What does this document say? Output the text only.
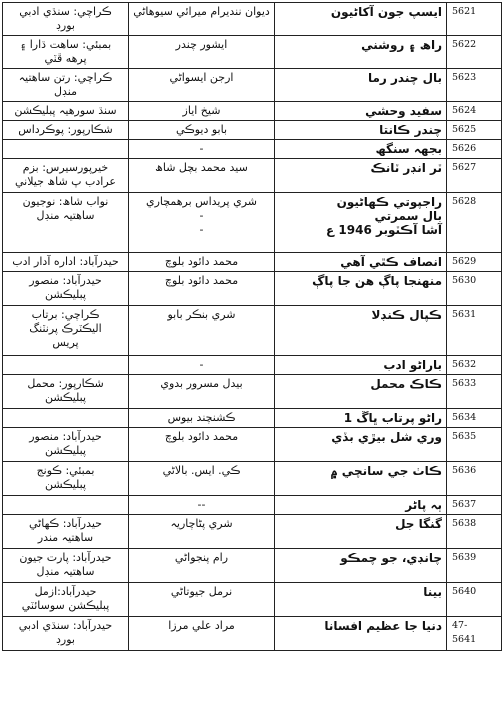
ڪراچي: سنڌي ادبي
بورڊ	ديوان ننديرام ميرائي سيوهاڻي	ايسپ جون آکاڻيون	5621

بمبئي: ساهت ڌارا ۽
پرهه ڦٽي	ايشور چندر	راھ ۽ روشني	5622

ڪراچي: رتن ساهتيہ
منڊل	ارجن ايسواڻي	بال چندر رما	5623

سنڌ سورهيہ پبليڪشن	شيخ اياز	سفيد وحشي	5624

شڪارپور: پوڪرداس	بابو ديوڪي	چندر ڪانتا	5625

	-	بجهہ سنگھ	5626

خيرپورسيرس: بزم
عرادب پ شاھ جيلاني	سيد محمد بچل شاھ	ٽر انڊر ٽانڪ	5627

نواب شاھ: نوجيون
ساهتيہ منڊل	شري پريداس برهمچاري
-
-	راجپوتي ڪهاڻيون
بال سمرتي
آشا آڪٽوبر 1946 ع	5628

حيدرآباد: اداره آدار ادب	محمد دائود بلوچ	انصاف ڪٿي آهي	5629

حيدرآباد: منصور
پبليڪشن	محمد دائود بلوچ	منهنجا پاڳ هن جا پاڳ	5630

ڪراچي: برتاب
اليڪٽرڪ پرنٽنگ
پريس	شري بنڪر بابو	ڪپال ڪنڊلا	5631

	-	باراڻو ادب	5632

شڪارپور: محمل
پبليڪشن	بيدل مسرور بدوي	ڪاڪ محمل	5633

	ڪشنچند بيوس	راڻو پرتاب ڀاڱ 1	5634

حيدرآباد: منصور
پبليڪشن	محمد دائود بلوچ	وري شل بيڙي بڏي	5635

بمبئي: ڪونج
پبليڪشن	ڪي. ايس. بالاڻي	ڪاٺ جي سانچي ۾	5636

	--	ٻہ پاڻر	5637

حيدرآباد: ڪهاڻي
ساهتيہ مندر	شري پڻاچاريہ	گنگا جل	5638

حيدرآباد: پارت جيون
ساهتيہ منڊل	رام پنجواڻي	چانڊي، جو چمڪو	5639

حيدرآباد:ازمل
پبليڪشن سوسائٽي	نرمل جيوتاڻي	بينا	5640

حيدرآباد: سنڌي ادبي
بورڊ	مراد علي مرزا	دنيا جا عظيم افسانا	47-
5641
